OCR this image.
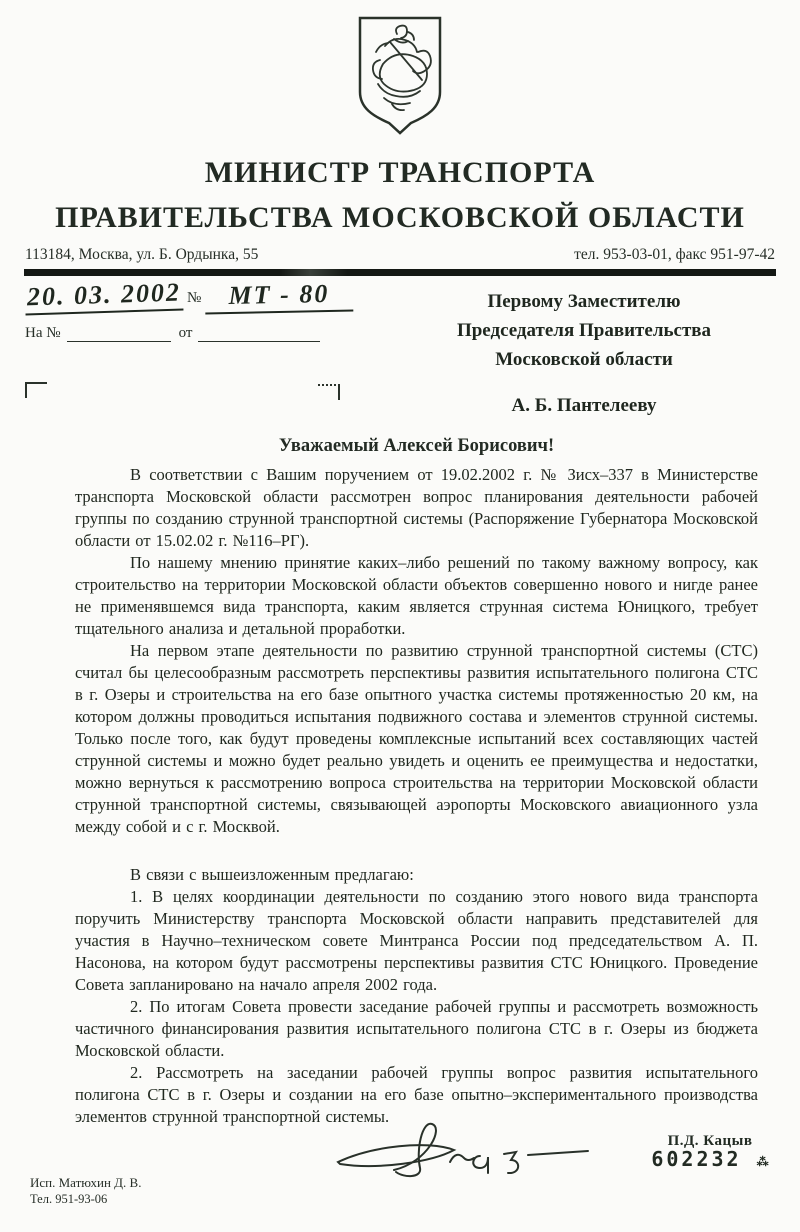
МИНИСТР ТРАНСПОРТА
ПРАВИТЕЛЬСТВА МОСКОВСКОЙ ОБЛАСТИ
113184, Москва, ул. Б. Ордынка, 55	тел. 953-03-01, факс 951-97-42
20. 03. 2002 № МТ - 80
На №	от
Первому Заместителю
Председателя Правительства
Московской области
А. Б. Пантелееву
Уважаемый Алексей Борисович!

В соответствии с Вашим поручением от 19.02.2002 г. № Зисх–337 в Министерстве транспорта Московской области рассмотрен вопрос планирования деятельности рабочей группы по созданию струнной транспортной системы (Распоряжение Губернатора Московской области от 15.02.02 г. №116–РГ).

По нашему мнению принятие каких–либо решений по такому важному вопросу, как строительство на территории Московской области объектов совершенно нового и нигде ранее не применявшемся вида транспорта, каким является струнная система Юницкого, требует тщательного анализа и детальной проработки.

На первом этапе деятельности по развитию струнной транспортной системы (СТС) считал бы целесообразным рассмотреть перспективы развития испытательного полигона СТС в г. Озеры и строительства на его базе опытного участка системы протяженностью 20 км, на котором должны проводиться испытания подвижного состава и элементов струнной системы. Только после того, как будут проведены комплексные испытаний всех составляющих частей струнной системы и можно будет реально увидеть и оценить ее преимущества и недостатки, можно вернуться к рассмотрению вопроса строительства на территории Московской области струнной транспортной системы, связывающей аэропорты Московского авиационного узла между собой и с г. Москвой.

В связи с вышеизложенным предлагаю:

1. В целях координации деятельности по созданию этого нового вида транспорта поручить Министерству транспорта Московской области направить представителей для участия в Научно–техническом совете Минтранса России под председательством А. П. Насонова, на котором будут рассмотрены перспективы развития СТС Юницкого. Проведение Совета запланировано на начало апреля 2002 года.

2. По итогам Совета провести заседание рабочей группы и рассмотреть возможность частичного финансирования развития испытательного полигона СТС в г. Озеры из бюджета Московской области.

2. Рассмотреть на заседании рабочей группы вопрос развития испытательного полигона СТС в г. Озеры и создании на его базе опытно–экспериментального производства элементов струнной транспортной системы.

П.Д. Кацыв
602232 ⁂
Исп. Матюхин Д. В.
Тел. 951-93-06
